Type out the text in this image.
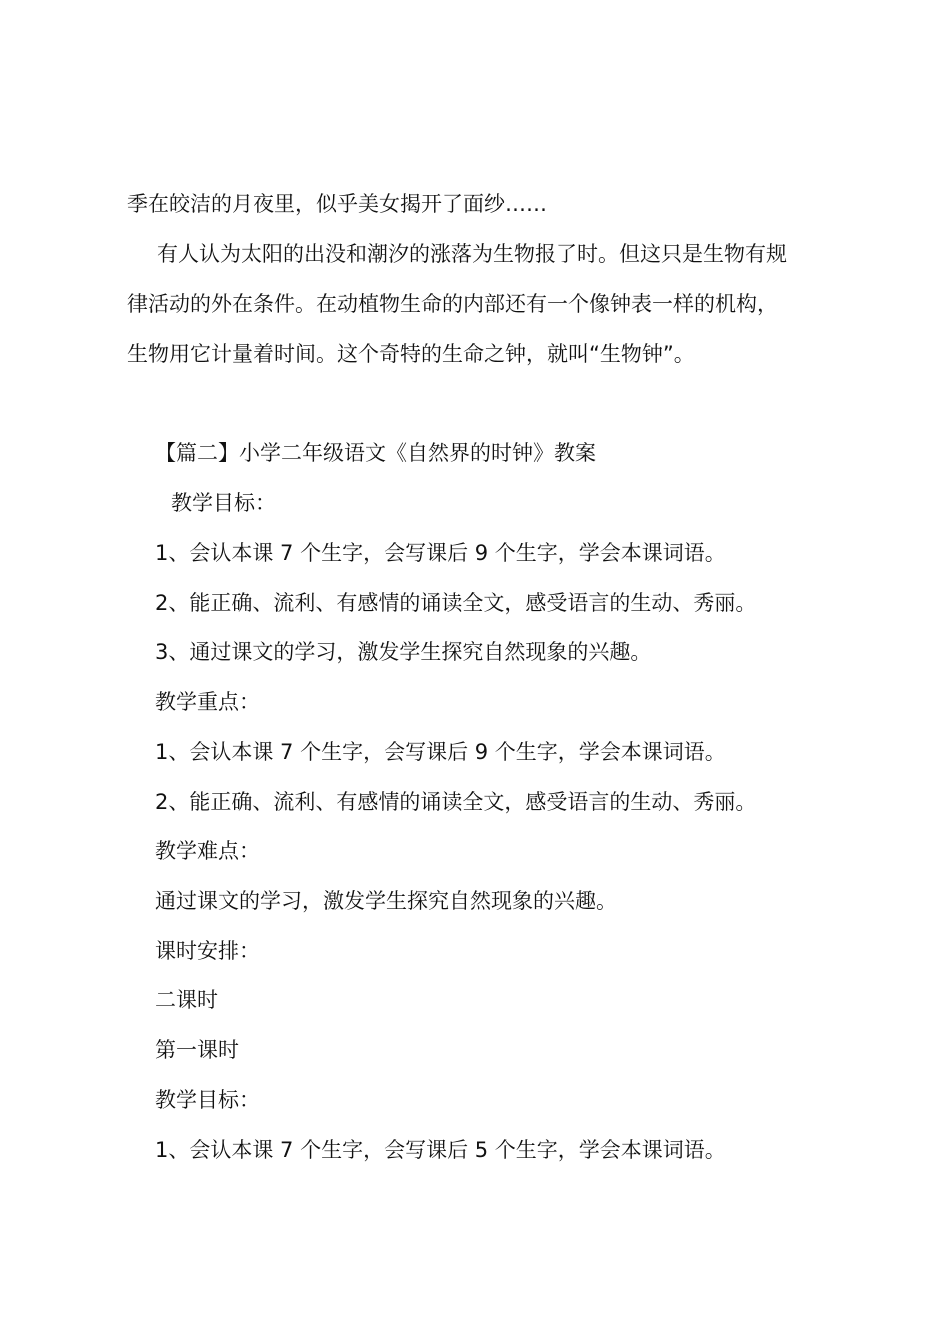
季在皎洁的月夜里，似乎美女揭开了面纱……
有人认为太阳的出没和潮汐的涨落为生物报了时。但这只是生物有规
律活动的外在条件。在动植物生命的内部还有一个像钟表一样的机构，
生物用它计量着时间。这个奇特的生命之钟，就叫“生物钟”。
【篇二】小学二年级语文《自然界的时钟》教案
教学目标：
1、会认本课 7 个生字，会写课后 9 个生字，学会本课词语。
2、能正确、流利、有感情的诵读全文，感受语言的生动、秀丽。
3、通过课文的学习，激发学生探究自然现象的兴趣。
教学重点：
1、会认本课 7 个生字，会写课后 9 个生字，学会本课词语。
2、能正确、流利、有感情的诵读全文，感受语言的生动、秀丽。
教学难点：
通过课文的学习，激发学生探究自然现象的兴趣。
课时安排：
二课时
第一课时
教学目标：
1、会认本课 7 个生字，会写课后 5 个生字，学会本课词语。
